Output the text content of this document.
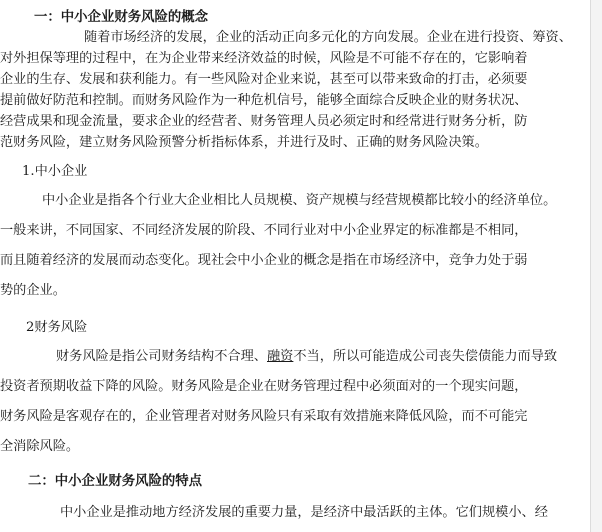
一：中小企业财务风险的概念

随着市场经济的发展，企业的活动正向多元化的方向发展。企业在进行投资、筹资、

对外担保等理的过程中，在为企业带来经济效益的时候，风险是不可能不存在的，它影响着

企业的生存、发展和获利能力。有一些风险对企业来说，甚至可以带来致命的打击，必须要

提前做好防范和控制。而财务风险作为一种危机信号，能够全面综合反映企业的财务状况、

经营成果和现金流量，要求企业的经营者、财务管理人员必须定时和经常进行财务分析，防

范财务风险，建立财务风险预警分析指标体系，并进行及时、正确的财务风险决策。

1.中小企业

中小企业是指各个行业大企业相比人员规模、资产规模与经营规模都比较小的经济单位。

一般来讲，不同国家、不同经济发展的阶段、不同行业对中小企业界定的标准都是不相同，

而且随着经济的发展而动态变化。现社会中小企业的概念是指在市场经济中，竞争力处于弱

势的企业。

2财务风险

财务风险是指公司财务结构不合理、融资不当，所以可能造成公司丧失偿债能力而导致

投资者预期收益下降的风险。财务风险是企业在财务管理过程中必须面对的一个现实问题，

财务风险是客观存在的，企业管理者对财务风险只有采取有效措施来降低风险，而不可能完

全消除风险。

二：中小企业财务风险的特点

中小企业是推动地方经济发展的重要力量，是经济中最活跃的主体。它们规模小、经
